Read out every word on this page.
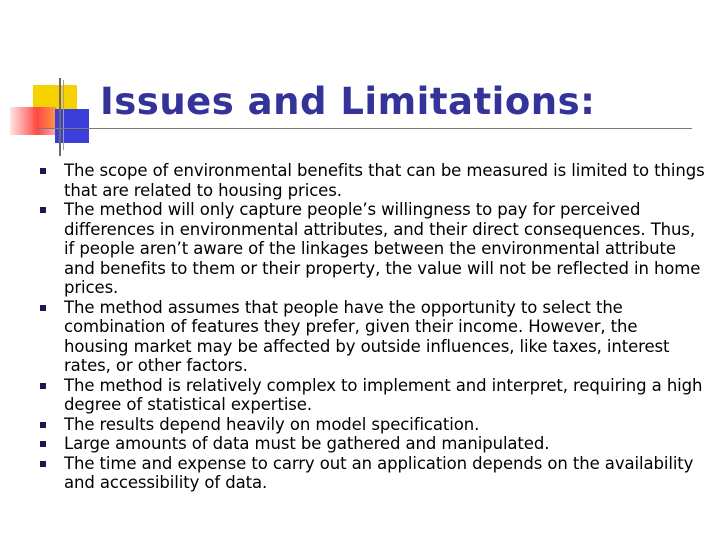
Issues and Limitations:
The scope of environmental benefits that can be measured is limited to things that are related to housing prices.
The method will only capture people’s willingness to pay for perceived differences in environmental attributes, and their direct consequences. Thus, if people aren’t aware of the linkages between the environmental attribute and benefits to them or their property, the value will not be reflected in home prices.
The method assumes that people have the opportunity to select the combination of features they prefer, given their income. However, the housing market may be affected by outside influences, like taxes, interest rates, or other factors.
The method is relatively complex to implement and interpret, requiring a high degree of statistical expertise.
The results depend heavily on model specification.
Large amounts of data must be gathered and manipulated.
The time and expense to carry out an application depends on the availability and accessibility of data.
